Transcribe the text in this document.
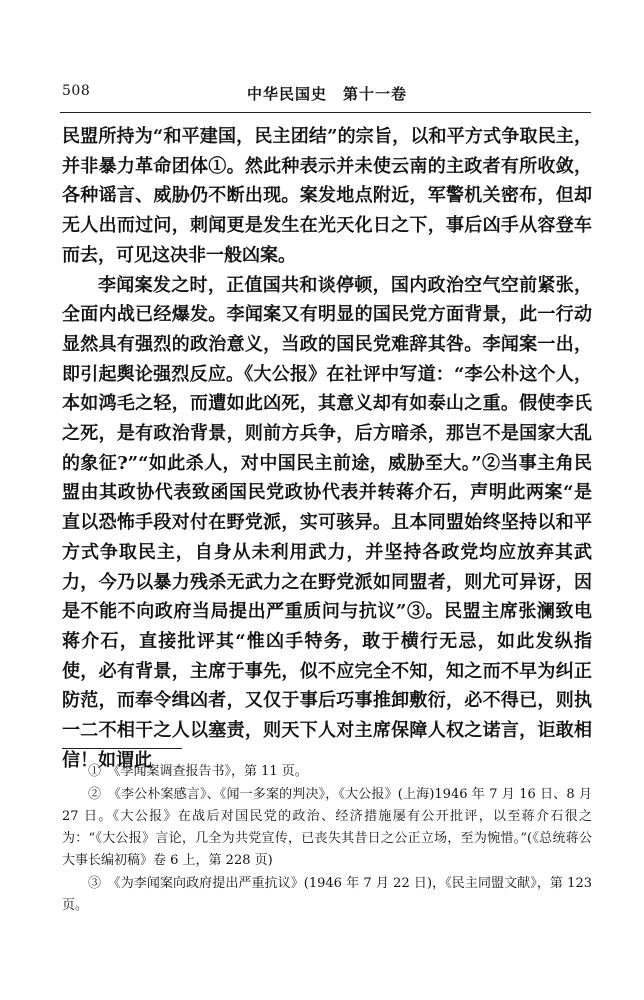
508	中华民国史　第十一卷

民盟所持为“和平建国，民主团结”的宗旨，以和平方式争取民主，并非暴力革命团体①。然此种表示并未使云南的主政者有所收敛，各种谣言、威胁仍不断出现。案发地点附近，军警机关密布，但却无人出而过问，刺闻更是发生在光天化日之下，事后凶手从容登车而去，可见这决非一般凶案。

李闻案发之时，正值国共和谈停顿，国内政治空气空前紧张，全面内战已经爆发。李闻案又有明显的国民党方面背景，此一行动显然具有强烈的政治意义，当政的国民党难辞其咎。李闻案一出，即引起舆论强烈反应。《大公报》在社评中写道：“李公朴这个人，本如鸿毛之轻，而遭如此凶死，其意义却有如泰山之重。假使李氏之死，是有政治背景，则前方兵争，后方暗杀，那岂不是国家大乱的象征?”“如此杀人，对中国民主前途，威胁至大。”②当事主角民盟由其政协代表致函国民党政协代表并转蒋介石，声明此两案“是直以恐怖手段对付在野党派，实可骇异。且本同盟始终坚持以和平方式争取民主，自身从未利用武力，并坚持各政党均应放弃其武力，今乃以暴力残杀无武力之在野党派如同盟者，则尤可异讶，因是不能不向政府当局提出严重质问与抗议”③。民盟主席张澜致电蒋介石，直接批评其“惟凶手特务，敢于横行无忌，如此发纵指使，必有背景，主席于事先，似不应完全不知，知之而不早为纠正防范，而奉令缉凶者，又仅于事后巧事推卸敷衍，必不得已，则执一二不相干之人以塞责，则天下人对主席保障人权之诺言，讵敢相信！如谓此

①　《李闻案调查报告书》，第 11 页。

②　《李公朴案感言》、《闻一多案的判决》，《大公报》(上海)1946 年 7 月 16 日、8 月 27 日。《大公报》在战后对国民党的政治、经济措施屡有公开批评，以至蒋介石很之为：“《大公报》言论，几全为共党宣传，已丧失其昔日之公正立场，至为惋惜。”(《总统蒋公大事长编初稿》卷 6 上，第 228 页)

③　《为李闻案向政府提出严重抗议》(1946 年 7 月 22 日)，《民主同盟文献》，第 123 页。
